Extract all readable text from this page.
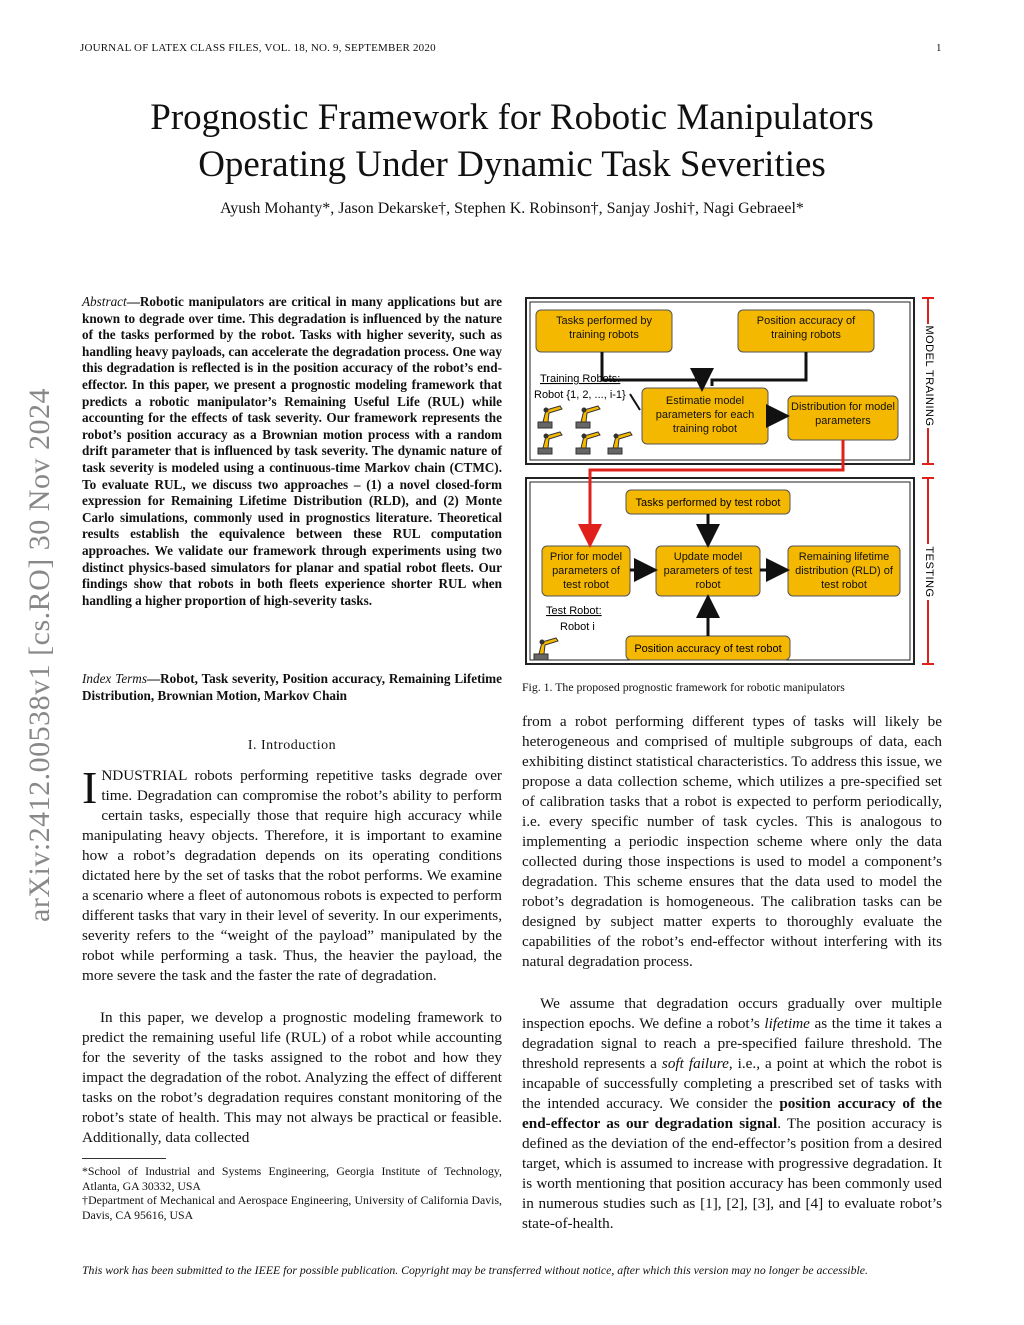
JOURNAL OF LATEX CLASS FILES, VOL. 18, NO. 9, SEPTEMBER 2020	1
Prognostic Framework for Robotic Manipulators
Operating Under Dynamic Task Severities
Ayush Mohanty*, Jason Dekarske†, Stephen K. Robinson†, Sanjay Joshi†, Nagi Gebraeel*
arXiv:2412.00538v1 [cs.RO] 30 Nov 2024
Abstract—Robotic manipulators are critical in many applications but are known to degrade over time. This degradation is influenced by the nature of the tasks performed by the robot. Tasks with higher severity, such as handling heavy payloads, can accelerate the degradation process. One way this degradation is reflected is in the position accuracy of the robot’s end-effector. In this paper, we present a prognostic modeling framework that predicts a robotic manipulator’s Remaining Useful Life (RUL) while accounting for the effects of task severity. Our framework represents the robot’s position accuracy as a Brownian motion process with a random drift parameter that is influenced by task severity. The dynamic nature of task severity is modeled using a continuous-time Markov chain (CTMC). To evaluate RUL, we discuss two approaches – (1) a novel closed-form expression for Remaining Lifetime Distribution (RLD), and (2) Monte Carlo simulations, commonly used in prognostics literature. Theoretical results establish the equivalence between these RUL computation approaches. We validate our framework through experiments using two distinct physics-based simulators for planar and spatial robot fleets. Our findings show that robots in both fleets experience shorter RUL when handling a higher proportion of high-severity tasks.
Index Terms—Robot, Task severity, Position accuracy, Remaining Lifetime Distribution, Brownian Motion, Markov Chain
I. Introduction
INDUSTRIAL robots performing repetitive tasks degrade over time. Degradation can compromise the robot’s ability to perform certain tasks, especially those that require high accuracy while manipulating heavy objects. Therefore, it is important to examine how a robot’s degradation depends on its operating conditions dictated here by the set of tasks that the robot performs. We examine a scenario where a fleet of autonomous robots is expected to perform different tasks that vary in their level of severity. In our experiments, severity refers to the “weight of the payload” manipulated by the robot while performing a task. Thus, the heavier the payload, the more severe the task and the faster the rate of degradation.
In this paper, we develop a prognostic modeling framework to predict the remaining useful life (RUL) of a robot while accounting for the severity of the tasks assigned to the robot and how they impact the degradation of the robot. Analyzing the effect of different tasks on the robot’s degradation requires constant monitoring of the robot’s state of health. This may not always be practical or feasible. Additionally, data collected

*School of Industrial and Systems Engineering, Georgia Institute of Technology, Atlanta, GA 30332, USA

†Department of Mechanical and Aerospace Engineering, University of California Davis, Davis, CA 95616, USA

Tasks performed by training robots
Position accuracy of training robots
Estimatie model parameters for each training robot
Distribution for model parameters
Training Robots:
Robot {1, 2, ..., i-1}	MODEL TRAINING
Tasks performed by test robot
Prior for model parameters of test robot
Update model parameters of test robot
Remaining lifetime distribution (RLD) of test robot
Position accuracy of test robot
Test Robot:
Robot i
TESTING
Fig. 1. The proposed prognostic framework for robotic manipulators
from a robot performing different types of tasks will likely be heterogeneous and comprised of multiple subgroups of data, each exhibiting distinct statistical characteristics. To address this issue, we propose a data collection scheme, which utilizes a pre-specified set of calibration tasks that a robot is expected to perform periodically, i.e. every specific number of task cycles. This is analogous to implementing a periodic inspection scheme where only the data collected during those inspections is used to model a component’s degradation. This scheme ensures that the data used to model the robot’s degradation is homogeneous. The calibration tasks can be designed by subject matter experts to thoroughly evaluate the capabilities of the robot’s end-effector without interfering with its natural degradation process.
We assume that degradation occurs gradually over multiple inspection epochs. We define a robot’s lifetime as the time it takes a degradation signal to reach a pre-specified failure threshold. The threshold represents a soft failure, i.e., a point at which the robot is incapable of successfully completing a prescribed set of tasks with the intended accuracy. We consider the position accuracy of the end-effector as our degradation signal. The position accuracy is defined as the deviation of the end-effector’s position from a desired target, which is assumed to increase with progressive degradation. It is worth mentioning that position accuracy has been commonly used in numerous studies such as [1], [2], [3], and [4] to evaluate robot’s state-of-health.
This work has been submitted to the IEEE for possible publication. Copyright may be transferred without notice, after which this version may no longer be accessible.
